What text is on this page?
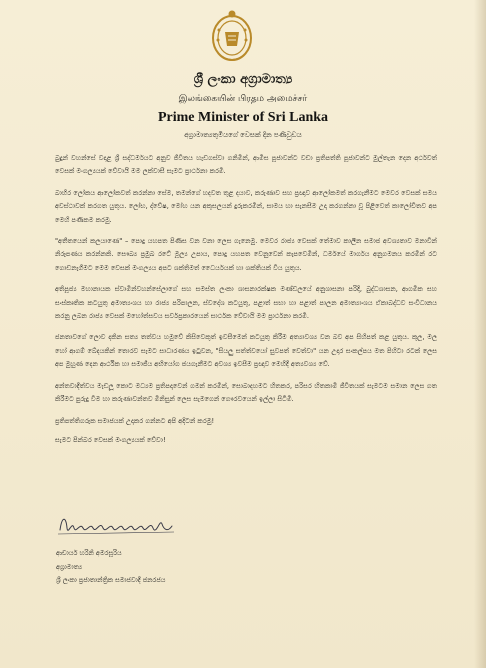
ශ්‍රී ලංකා අග්‍රාමාත්‍ය
இலங்கையின் பிரதம அமைச்சர்
Prime Minister of Sri Lanka
අග්‍රාමාත්‍යතුමියගේ වෙසක් දින පණිවුඩය

බුදුන් වහන්සේ වදාළ ශ්‍රී සද්ධර්මයට අනුව ජීවිතය හැඩගස්වා ගනිමින්, ආමිස පූජාවන්ට වඩා ප්‍රතිපත්ති පූජාවන්ට මුල්තැන දෙන අර්ථවත් වෙසක් මංගල්‍යයක් වේවායි මම ලක්වාසී සැමට ප්‍රාර්ථනා කරමි.

බාහිර ලෝකය ආලෝකවත් කරන්නා සේම, තමන්ගේ හදවත තුළ දයාව, කරුණාව සහ ප්‍රඥාව ආලෝකමත් කරගැනීමට මෙවර වෙසක් සමය අවස්ථාවක් කරගත යුතුය. ලෝභ, ද්වේෂ, මෝහ යන අකුසලයන් දුරුකරමින්, සාමය හා සැනසීම උදා කරගන්නා වූ පිළිවෙත් කාලෝචිතව අප මෙහි පණිකම කරමු.

"අතීතයෙන් කලයාණෙ" – පොදු යහපත පිණිස වන වනා ලෙස ගැනෙමු. මෙවර රාජ්‍ය වෙසක් තේමාව කාලීන සමාජ අවශ්‍යතාව මනාවින් නිරූපණය කරන්නකි. සෞඛ්‍ය ප්‍රමුඛ රටේ මූල්‍ය උපාය, පොදු යහපත වෙනුවෙන් කැපවෙමින්, ධර්මයේ මාර්ගය අනුගමනය කරමින් රට ගොඩනැගීමට මෙම වෙසක් මංගල්‍යය අපට ශක්තිමත් ධෛර්යයක් හා ශක්තියක් විය යුතුය.

අතිපූජ්‍ය මහානායක ස්වාමීන්වහන්සේලාගේ සහ සමස්ත ලංකා ශාසනාරක්ෂක මණ්ඩලයේ අනුශාසනා පරිදි, බුද්ධශාසන, ආගමික සහ සංස්කෘතික කටයුතු අමාත්‍යංශය හා රාජ්‍ය පරිපාලන, ස්වදේශ කටයුතු, පළාත් සභා හා පළාත් පාලන අමාත්‍යාංශය ඒකාබද්ධව සංවිධානය කරනු ලබන රාජ්‍ය වෙසක් මහෝත්සවය සර්වප්‍රකාරයෙන් සාර්ථක වේවායි මම ප්‍රාර්ථනා කරමි.

ජනතාවගේ ලොව දකින සත්‍ය තත්වය හමුවේ කිසිවෙකුත් ඉවසීමෙන් කටයුතු කිරීම අත්‍යාවශ්‍ය වන බව අප සිහිපත් කළ යුතුය. කුල, මල හෝ ආගම් බේදයකින් තොරව සැමට සාධාරණය ඉටුවන, "සියලු සත්ත්වයෝ සුවපත් වෙත්වා" යන උදාර සංකල්පය මත පිහිටා රටක් ලෙස අප මුහුණ දෙන ආර්ථික හා සමාජීය අභියෝග ජයගැනීමට අවශ්‍ය ඉවසීම ප්‍රඥාව මෙහිදී අත්‍යවශ්‍ය වේ.

අන්තවාදීත්වය මැඩලූ කොට මධ්‍යම ප්‍රතිපදාවෙන් ගමන් කරමින්, සොබාදහමට හිතකර, පරිසර හිතකාමී ජීවිතයක් සැමටම සමාන ලෙස ගත කිරීමට පුරුදු වීම හා කරුණාවන්තව මිනිසුන් ලෙස සැමගෙන් ගෞරවයෙන් ඉල්ලා සිටිමි.

ප්‍රතිපත්තිගරුක සමාජයක් උදාකර ගන්නට අපි අදිටන් කරමු!

සැමට පින්බර වෙසක් මංගල්‍යයක් වේවා!

ආචාර්ය හරිනි අමරසූරිය
අග්‍රාමාත්‍ය
ශ්‍රී ලංකා ප්‍රජාතාන්ත්‍රික සමාජවාදී ජනරජය
